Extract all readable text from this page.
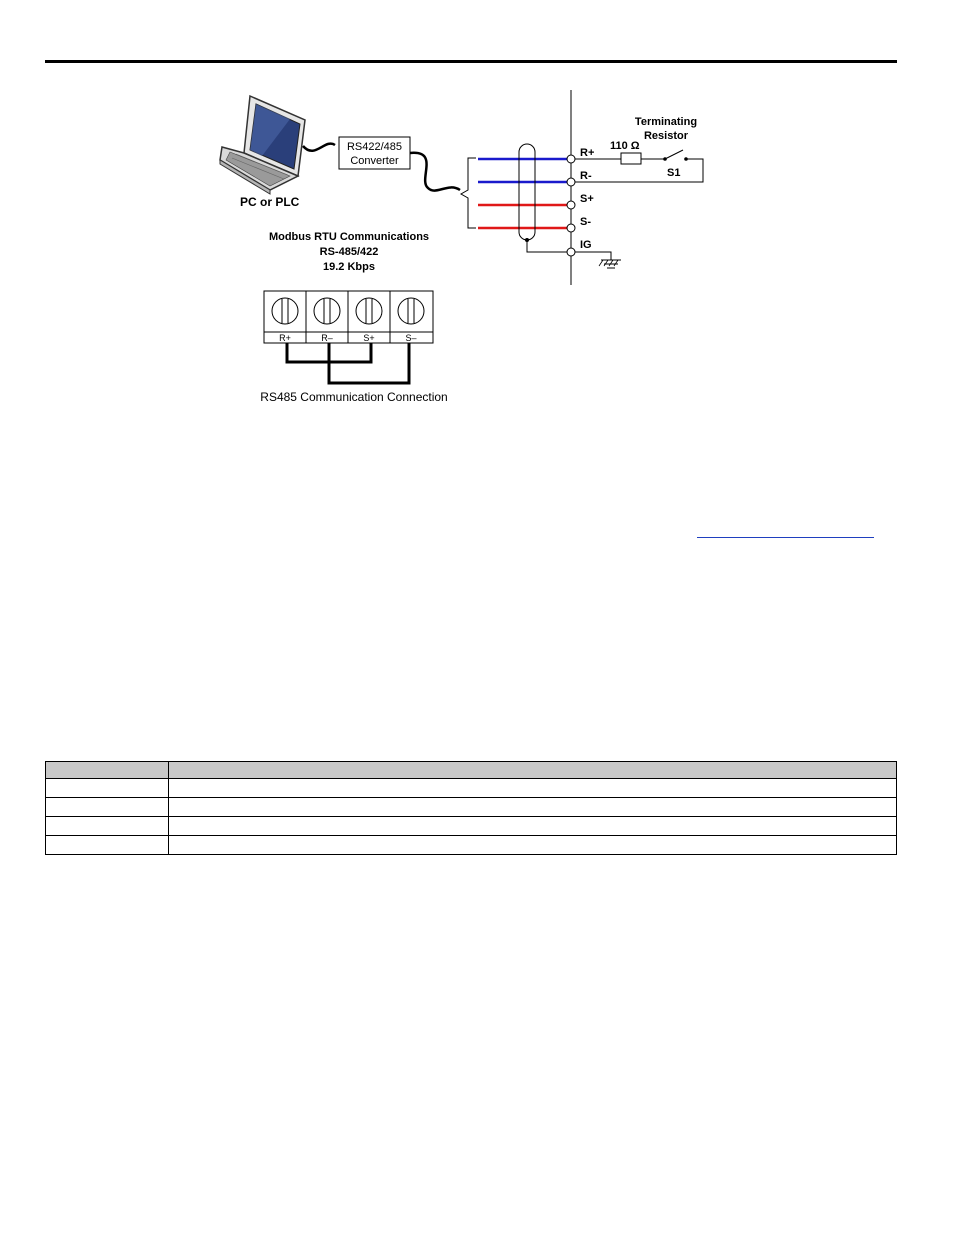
RS422/485
Converter
R+
R-
S+
S-
IG
110 Ω
Terminating
Resistor
S1
PC or PLC
Modbus RTU Communications
RS-485/422
19.2 Kbps
R+	R–	S+	S–
RS485 Communication Connection
